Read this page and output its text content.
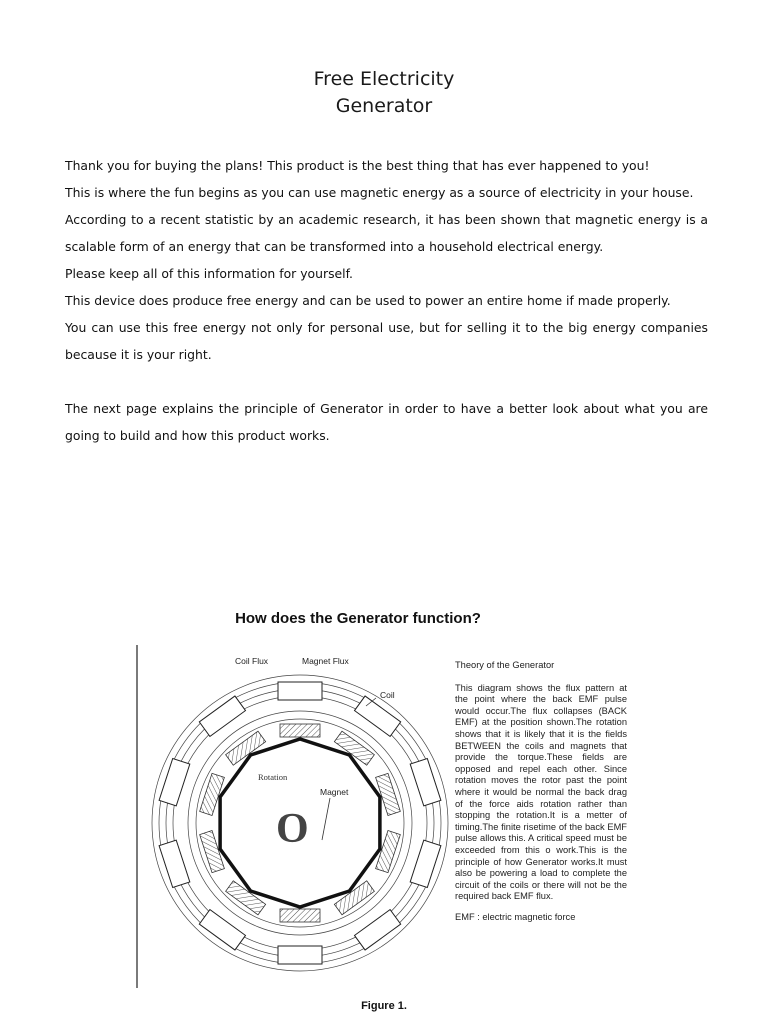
Free Electricity
Generator

Thank you for buying the plans! This product is the best thing that has ever happened to you!

This is where the fun begins as you can use magnetic energy as a source of electricity in your house.

According to a recent statistic by an academic research, it has been shown that magnetic energy is a scalable form of an energy that can be transformed into a household electrical energy.

Please keep all of this information for yourself.

This device does produce free energy and can be used to power an entire home if made properly.

You can use this free energy not only for personal use, but for selling it to the big energy companies because it is your right.

The next page explains the principle of Generator in order to have a better look about what you are going to build and how this product works.

How does the Generator function?
Coil Flux	Magnet Flux
Coil
Rotation
Magnet
O

Theory of the Generator

This diagram shows the flux pattern at the point where the back EMF pulse would occur.The flux collapses (BACK EMF) at the position shown.The rotation shows that it is likely that it is the fields BETWEEN the coils and magnets that provide the torque.These fields are opposed and repel each other. Since rotation moves the rotor past the point where it would be normal the back drag of the force aids rotation rather than stopping the rotation.It is a metter of timing.The finite risetime of the back EMF pulse allows this. A critical speed must be exceeded from this o work.This is the principle of how Generator works.It must also be powering a load to complete the circuit of the coils or there will not be the required back EMF flux.

EMF : electric magnetic force

Figure 1.
